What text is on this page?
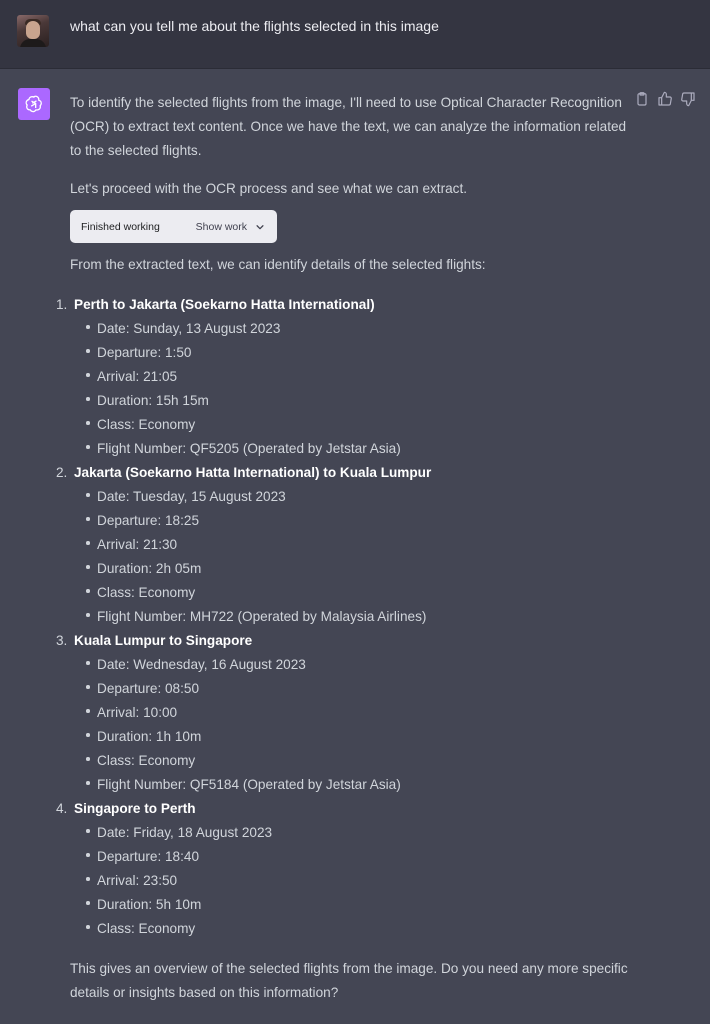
what can you tell me about the flights selected in this image

To identify the selected flights from the image, I'll need to use Optical Character Recognition (OCR) to extract text content. Once we have the text, we can analyze the information related to the selected flights.

Let's proceed with the OCR process and see what we can extract.

Finished working	Show work

From the extracted text, we can identify details of the selected flights:

1. Perth to Jakarta (Soekarno Hatta International)
Date: Sunday, 13 August 2023
Departure: 1:50
Arrival: 21:05
Duration: 15h 15m
Class: Economy
Flight Number: QF5205 (Operated by Jetstar Asia)
2. Jakarta (Soekarno Hatta International) to Kuala Lumpur
Date: Tuesday, 15 August 2023
Departure: 18:25
Arrival: 21:30
Duration: 2h 05m
Class: Economy
Flight Number: MH722 (Operated by Malaysia Airlines)
3. Kuala Lumpur to Singapore
Date: Wednesday, 16 August 2023
Departure: 08:50
Arrival: 10:00
Duration: 1h 10m
Class: Economy
Flight Number: QF5184 (Operated by Jetstar Asia)
4. Singapore to Perth
Date: Friday, 18 August 2023
Departure: 18:40
Arrival: 23:50
Duration: 5h 10m
Class: Economy

This gives an overview of the selected flights from the image. Do you need any more specific details or insights based on this information?
